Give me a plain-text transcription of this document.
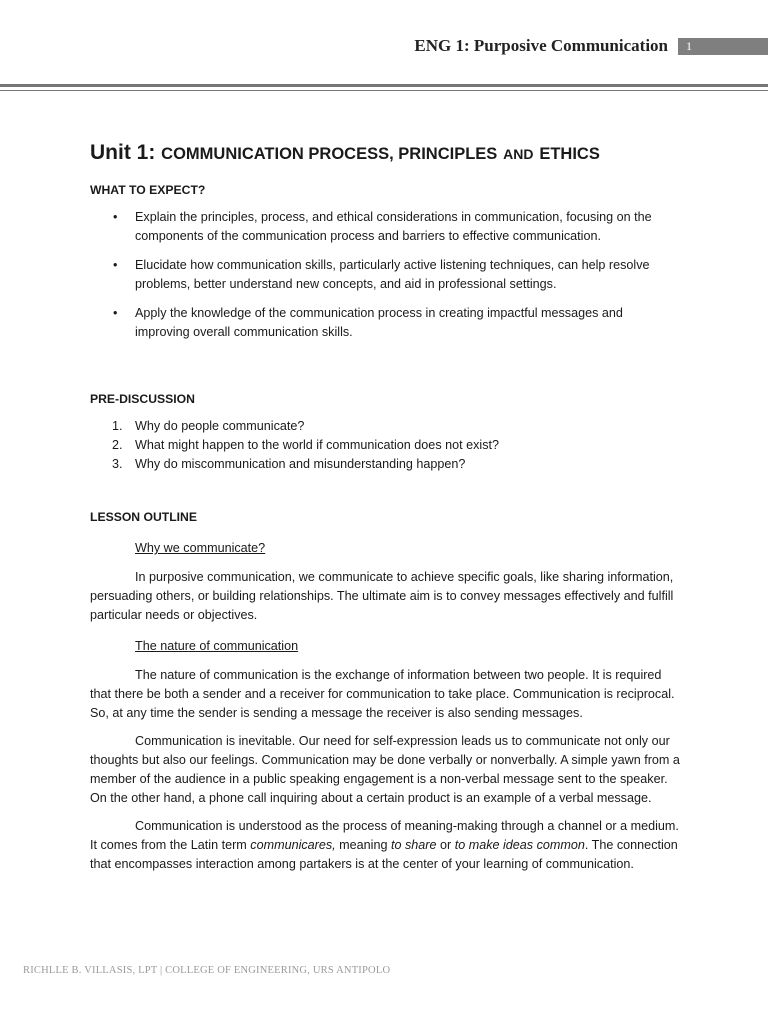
ENG 1: Purposive Communication	1
Unit 1: COMMUNICATION PROCESS, PRINCIPLES AND ETHICS
WHAT TO EXPECT?
• Explain the principles, process, and ethical considerations in communication, focusing on the components of the communication process and barriers to effective communication.
• Elucidate how communication skills, particularly active listening techniques, can help resolve problems, better understand new concepts, and aid in professional settings.
• Apply the knowledge of the communication process in creating impactful messages and improving overall communication skills.
PRE-DISCUSSION
1. Why do people communicate?
2. What might happen to the world if communication does not exist?
3. Why do miscommunication and misunderstanding happen?
LESSON OUTLINE
Why we communicate?

In purposive communication, we communicate to achieve specific goals, like sharing information, persuading others, or building relationships. The ultimate aim is to convey messages effectively and fulfill particular needs or objectives.

The nature of communication

The nature of communication is the exchange of information between two people. It is required that there be both a sender and a receiver for communication to take place. Communication is reciprocal. So, at any time the sender is sending a message the receiver is also sending messages.

Communication is inevitable. Our need for self-expression leads us to communicate not only our thoughts but also our feelings. Communication may be done verbally or nonverbally. A simple yawn from a member of the audience in a public speaking engagement is a non-verbal message sent to the speaker. On the other hand, a phone call inquiring about a certain product is an example of a verbal message.

Communication is understood as the process of meaning-making through a channel or a medium. It comes from the Latin term communicares, meaning to share or to make ideas common. The connection that encompasses interaction among partakers is at the center of your learning of communication.

RICHLLE B. VILLASIS, LPT | COLLEGE OF ENGINEERING, URS ANTIPOLO
